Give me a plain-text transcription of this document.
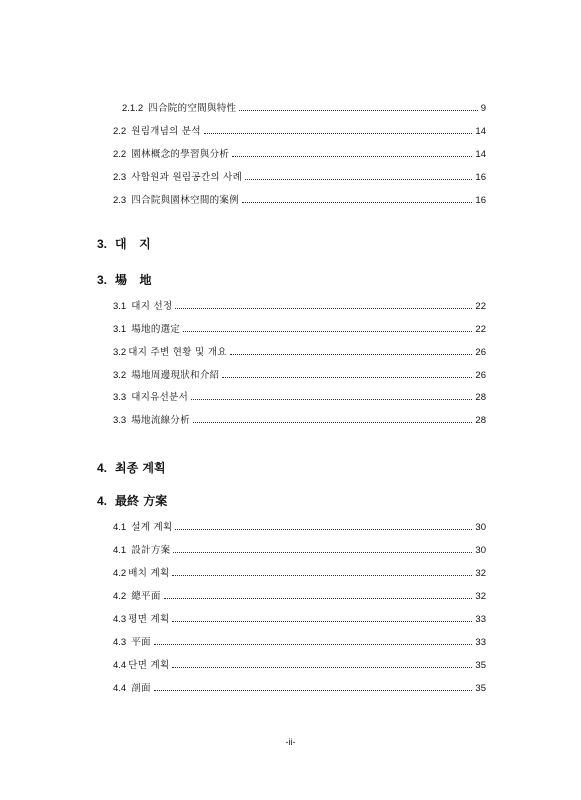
2.1.2 四合院的空間與特性	9
2.2 원림개념의 분석	14
2.2 園林概念的學習與分析	14
2.3 사합원과 원림공간의 사례	16
2.3 四合院與園林空間的案例	16
3. 대   지
3. 場   地
3.1 대지 선정	22
3.1 場地的選定	22
3.2 대지 주변 현황 및 개요	26
3.2 場地周邊現狀和介紹	26
3.3 대지유선분서	28
3.3 場地流線分析	28
4. 최종 계획
4. 最終 方案
4.1 설계 계획	30
4.1 設計方案	30
4.2 배치 계획	32
4.2 總平面	32
4.3 평면 계획	33
4.3 平面	33
4.4 단면 계획	35
4.4 剖面	35
-ii-
